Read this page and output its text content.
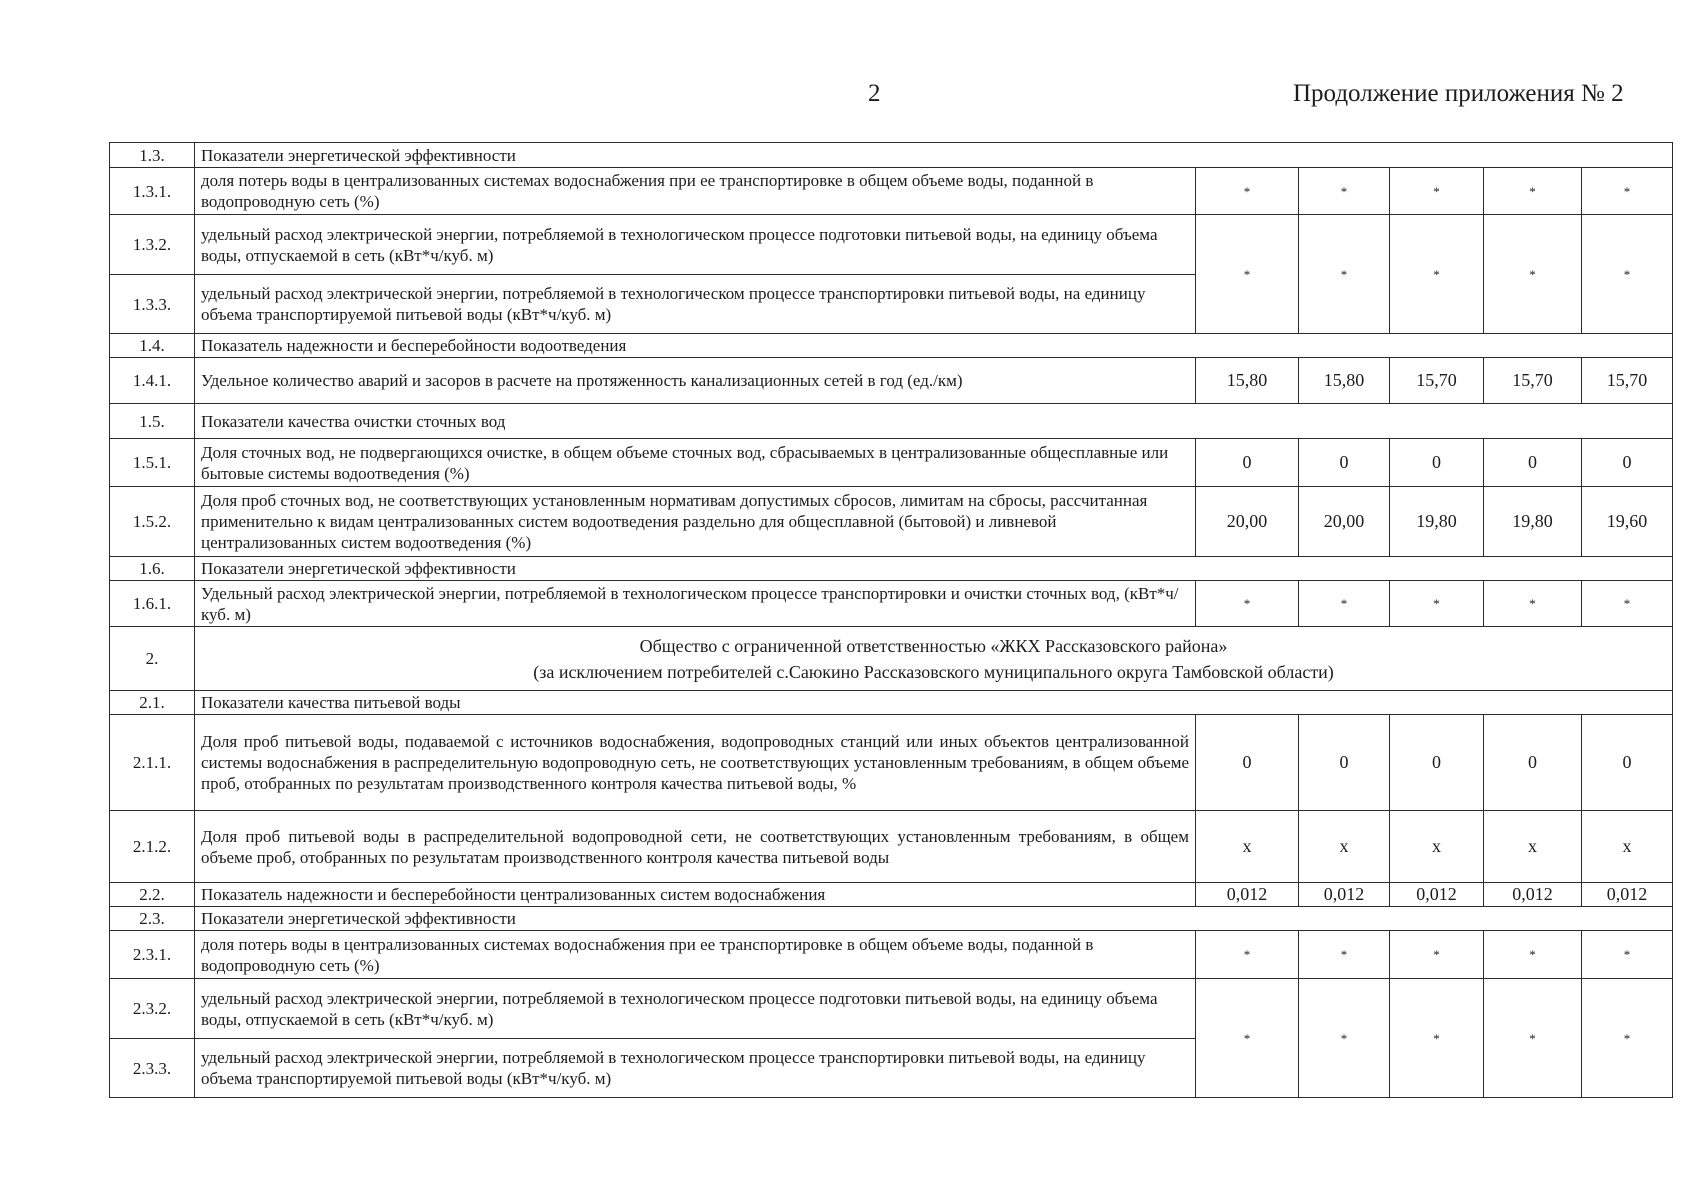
2	Продолжение приложения № 2
1.3.	Показатели энергетической эффективности					
1.3.1.	доля потерь воды в централизованных системах водоснабжения при ее транспортировке в общем объеме воды, поданной в водопроводную сеть (%)	*	*	*	*	*
1.3.2.	удельный расход электрической энергии, потребляемой в технологическом процессе подготовки питьевой воды, на единицу объема воды, отпускаемой в сеть (кВт*ч/куб. м)	*	*	*	*	*
1.3.3.	удельный расход электрической энергии, потребляемой в технологическом процессе транспортировки питьевой воды, на единицу объема транспортируемой питьевой воды (кВт*ч/куб. м)					
1.4.	Показатель надежности и бесперебойности водоотведения					
1.4.1.	Удельное количество аварий и засоров в расчете на протяженность канализационных сетей в год (ед./км)	15,80	15,80	15,70	15,70	15,70
1.5.	Показатели качества очистки сточных вод					
1.5.1.	Доля сточных вод, не подвергающихся очистке, в общем объеме сточных вод, сбрасываемых в централизованные общесплавные или бытовые системы водоотведения (%)	0	0	0	0	0
1.5.2.	Доля проб сточных вод, не соответствующих установленным нормативам допустимых сбросов, лимитам на сбросы, рассчитанная применительно к видам централизованных систем водоотведения раздельно для общесплавной (бытовой) и ливневой централизованных систем водоотведения (%)	20,00	20,00	19,80	19,80	19,60
1.6.	Показатели энергетической эффективности					
1.6.1.	Удельный расход электрической энергии, потребляемой в технологическом процессе транспортировки и очистки сточных вод, (кВт*ч/куб. м)	*	*	*	*	*
2.	Общество с ограниченной ответственностью «ЖКХ Рассказовского района»
(за исключением потребителей с.Саюкино Рассказовского муниципального округа Тамбовской области)					

2.1.	Показатели качества питьевой воды					
2.1.1.	Доля проб питьевой воды, подаваемой с источников водоснабжения, водопроводных станций или иных объектов централизованной системы водоснабжения в распределительную водопроводную сеть, не соответствующих установленным требованиям, в общем объеме проб, отобранных по результатам производственного контроля качества питьевой воды, %	0	0	0	0	0
2.1.2.	Доля проб питьевой воды в распределительной водопроводной сети, не соответствующих установленным требованиям, в общем объеме проб, отобранных по результатам производственного контроля качества питьевой воды	х	х	х	х	х
2.2.	Показатель надежности и бесперебойности централизованных систем водоснабжения	0,012	0,012	0,012	0,012	0,012
2.3.	Показатели энергетической эффективности					
2.3.1.	доля потерь воды в централизованных системах водоснабжения при ее транспортировке в общем объеме воды, поданной в водопроводную сеть (%)	*	*	*	*	*
2.3.2.	удельный расход электрической энергии, потребляемой в технологическом процессе подготовки питьевой воды, на единицу объема воды, отпускаемой в сеть (кВт*ч/куб. м)	*	*	*	*	*
2.3.3.	удельный расход электрической энергии, потребляемой в технологическом процессе транспортировки питьевой воды, на единицу объема транспортируемой питьевой воды (кВт*ч/куб. м)					
